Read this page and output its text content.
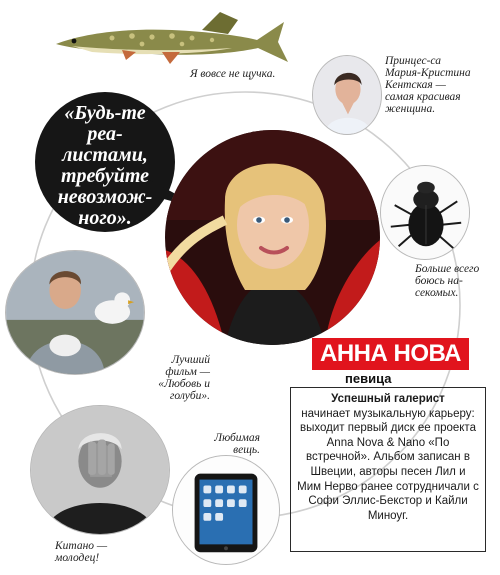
Я вовсе не щучка.
Принцес-са Мария-Кристина Кентская — самая красивая женщина.
«Будь-те реа-листами, требуйте невозмож-ного».
Больше всего боюсь на-секомых.
Лучший фильм — «Любовь и голуби».
Китано — молодец!
Любимая вещь.
АННА НОВА
певица

Успешный галерист
начинает музыкальную карьеру: выходит первый диск ее проекта Anna Nova & Nano «По встречной». Альбом записан в Швеции, авторы песен Лил и Мим Нерво ранее сотрудничали с Софи Эллис-Бекстор и Кайли Миноуг.
